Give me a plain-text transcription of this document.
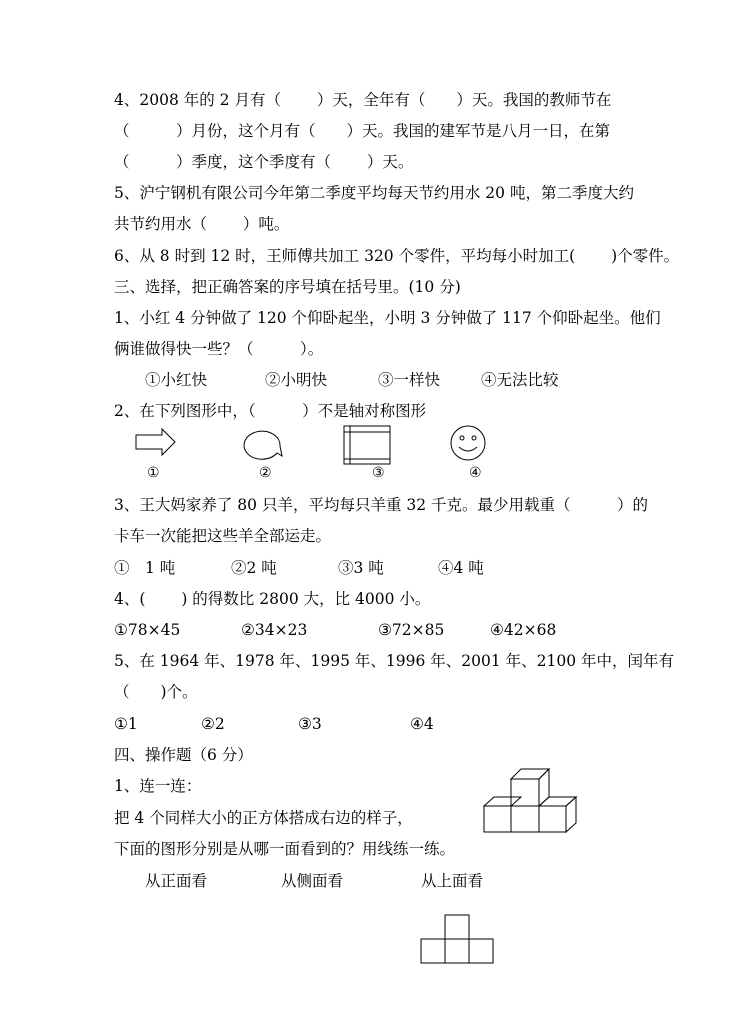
4、2008 年的 2 月有（　　 ）天，全年有（　　）天。我国的教师节在
（　　　）月份，这个月有（　　）天。我国的建军节是八月一日，在第
（　　　）季度，这个季度有（　　 ）天。
5、沪宁钢机有限公司今年第二季度平均每天节约用水 20 吨，第二季度大约
共节约用水（　　 ）吨。
6、从 8 时到 12 时，王师傅共加工 320 个零件，平均每小时加工(　　 )个零件。
三、选择，把正确答案的序号填在括号里。(10 分)
1、小红 4 分钟做了 120 个仰卧起坐，小明 3 分钟做了 117 个仰卧起坐。他们
俩谁做得快一些？（　　　）。
①小红快	②小明快	③一样快	④无法比较
2、在下列图形中，（　　　）不是轴对称图形
①	②	③	④
3、王大妈家养了 80 只羊，平均每只羊重 32 千克。最少用载重（　　　）的
卡车一次能把这些羊全部运走。
①　1 吨	②2 吨	③3 吨	④4 吨
4、(　　 ) 的得数比 2800 大，比 4000 小。
①78×45	②34×23	③72×85	④42×68
5、在 1964 年、1978 年、1995 年、1996 年、2001 年、2100 年中，闰年有
（　　)个。
①1	②2	③3	④4
四、操作题（6 分）
1、连一连：
把 4 个同样大小的正方体搭成右边的样子，
下面的图形分别是从哪一面看到的？用线练一练。
从正面看	从侧面看	从上面看
